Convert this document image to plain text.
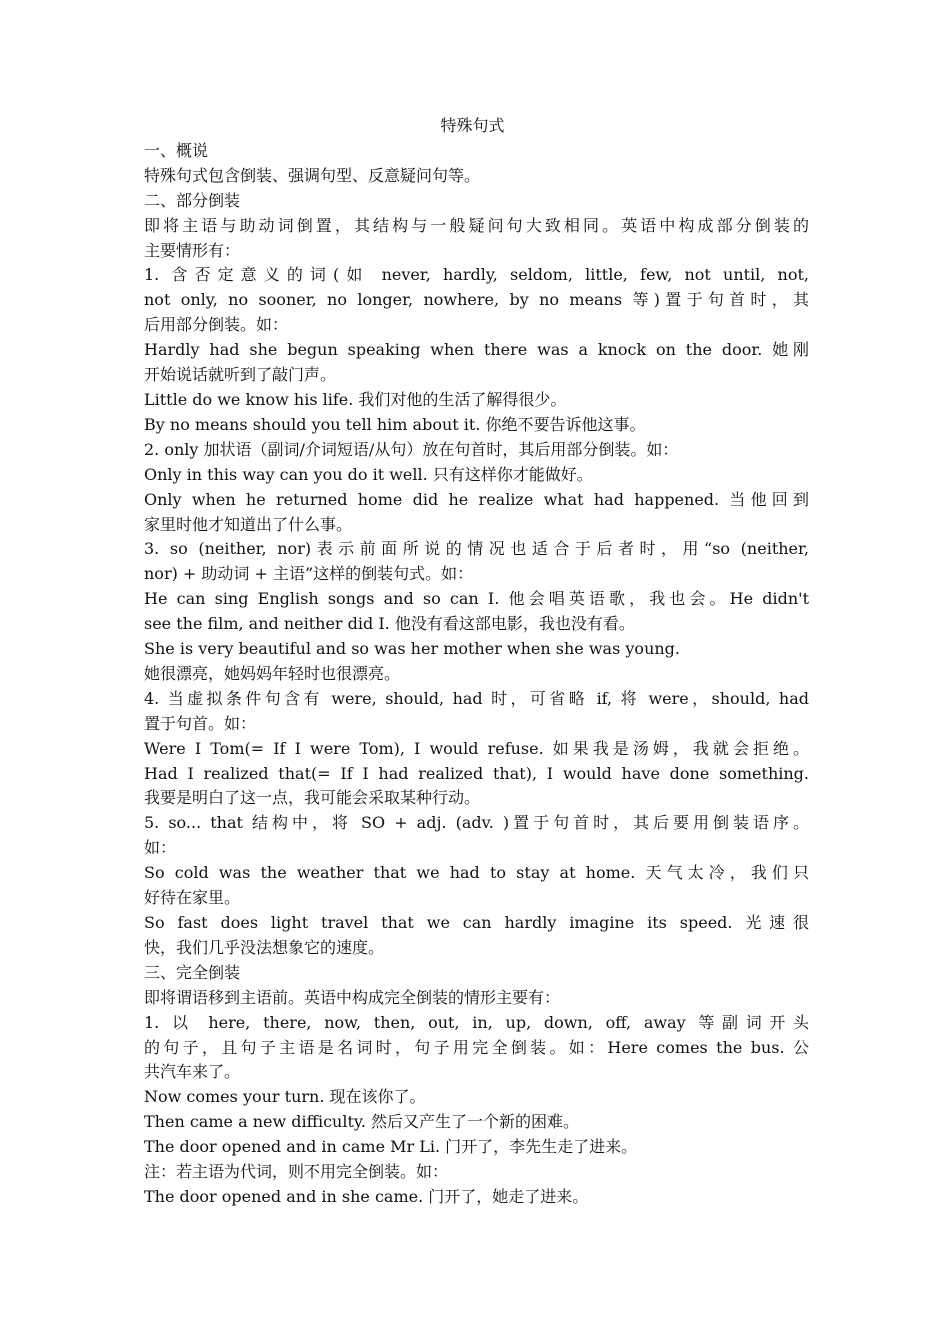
特殊句式
一、概说
特殊句式包含倒装、强调句型、反意疑问句等。
二、部分倒装
即将主语与助动词倒置，其结构与一般疑问句大致相同。英语中构成部分倒装的
主要情形有：
1. 含否定意义的词(如 never, hardly, seldom, little, few, not until, not,
not only, no sooner, no longer, nowhere, by no means 等)置于句首时，其
后用部分倒装。如：
Hardly had she begun speaking when there was a knock on the door. 她刚
开始说话就听到了敲门声。
Little do we know his life. 我们对他的生活了解得很少。
By no means should you tell him about it. 你绝不要告诉他这事。
2. only 加状语（副词/介词短语/从句）放在句首时，其后用部分倒装。如：
Only in this way can you do it well. 只有这样你才能做好。
Only when he returned home did he realize what had happened. 当他回到
家里时他才知道出了什么事。
3. so (neither, nor)表示前面所说的情况也适合于后者时，用“so (neither,
nor) + 助动词 + 主语”这样的倒装句式。如：
He can sing English songs and so can I. 他会唱英语歌，我也会。He didn't
see the film, and neither did I. 他没有看这部电影，我也没有看。
She is very beautiful and so was her mother when she was young.
她很漂亮，她妈妈年轻时也很漂亮。
4. 当虚拟条件句含有 were, should, had 时，可省略 if, 将 were，should, had
置于句首。如：
Were I Tom(= If I were Tom), I would refuse. 如果我是汤姆，我就会拒绝。
Had I realized that(= If I had realized that), I would have done something.
我要是明白了这一点，我可能会采取某种行动。
5. so... that 结构中，将 SO + adj. (adv. )置于句首时，其后要用倒装语序。
如：
So cold was the weather that we had to stay at home. 天气太冷，我们只
好待在家里。
So fast does light travel that we can hardly imagine its speed. 光速很
快，我们几乎没法想象它的速度。
三、完全倒装
即将谓语移到主语前。英语中构成完全倒装的情形主要有：
1. 以 here, there, now, then, out, in, up, down, off, away 等副词开头
的句子，且句子主语是名词时，句子用完全倒装。如：Here comes the bus. 公
共汽车来了。
Now comes your turn. 现在该你了。
Then came a new difficulty. 然后又产生了一个新的困难。
The door opened and in came Mr Li. 门开了，李先生走了进来。
注：若主语为代词，则不用完全倒装。如：
The door opened and in she came. 门开了，她走了进来。
